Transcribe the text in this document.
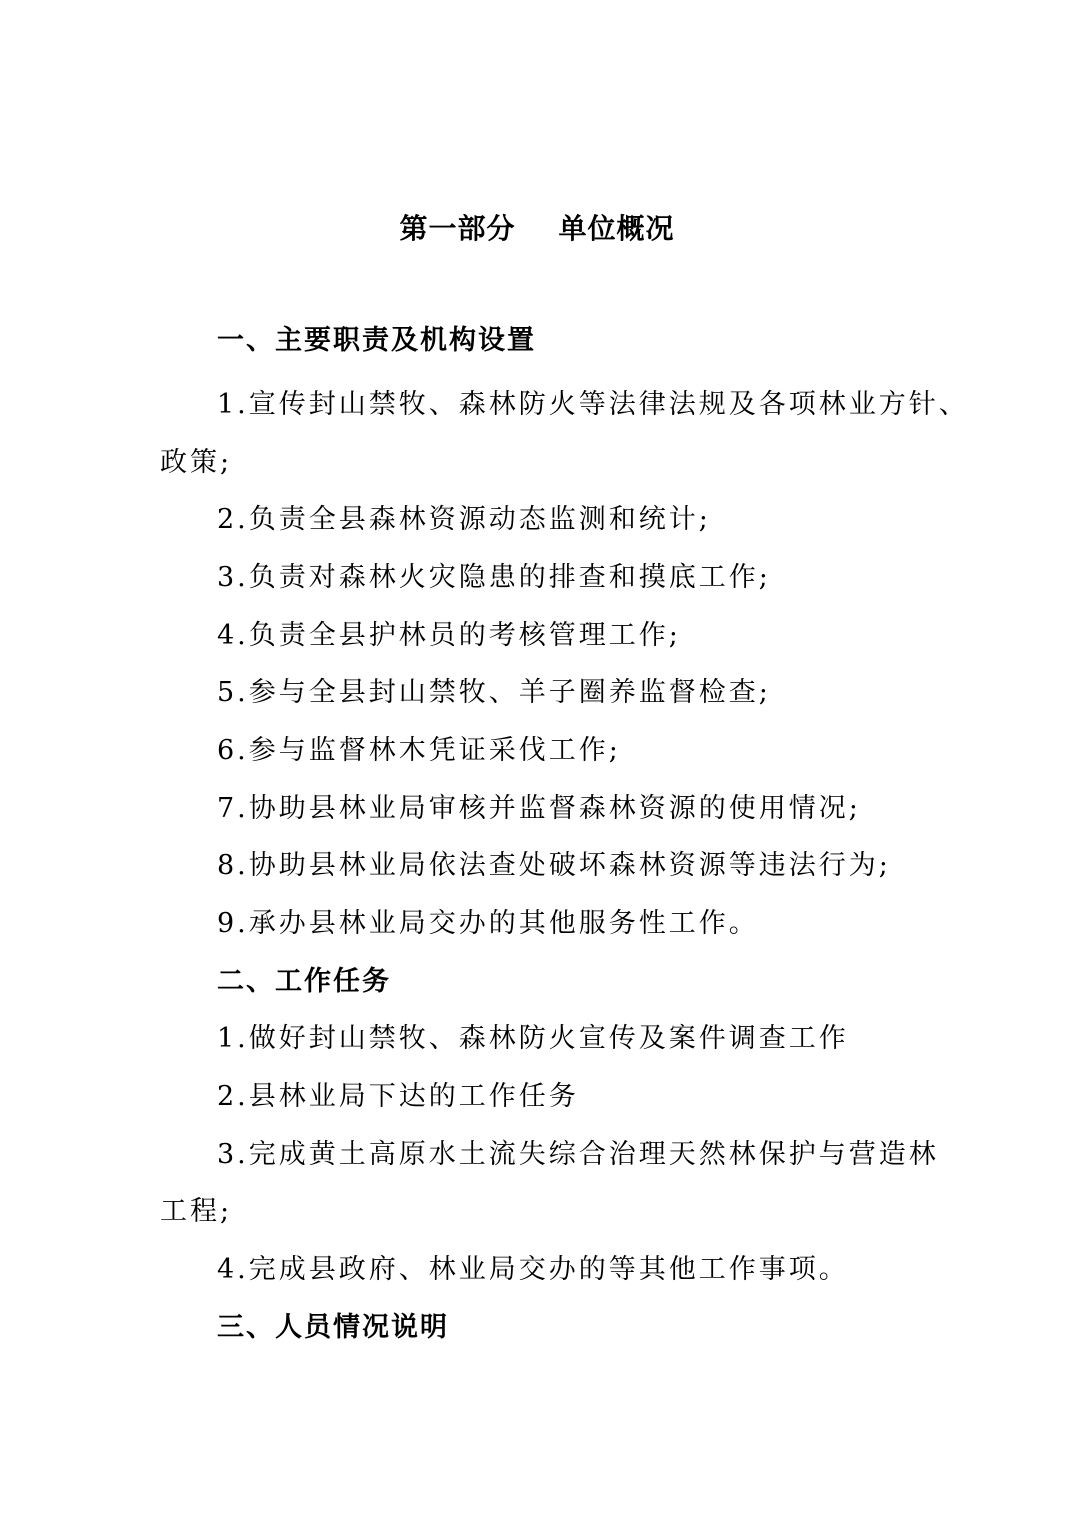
第一部分    单位概况
一、主要职责及机构设置
1.宣传封山禁牧、森林防火等法律法规及各项林业方针、
政策;
2.负责全县森林资源动态监测和统计;
3.负责对森林火灾隐患的排查和摸底工作;
4.负责全县护林员的考核管理工作;
5.参与全县封山禁牧、羊子圈养监督检查;
6.参与监督林木凭证采伐工作;
7.协助县林业局审核并监督森林资源的使用情况;
8.协助县林业局依法查处破坏森林资源等违法行为;
9.承办县林业局交办的其他服务性工作。
二、工作任务
1.做好封山禁牧、森林防火宣传及案件调查工作
2.县林业局下达的工作任务
3.完成黄土高原水土流失综合治理天然林保护与营造林
工程;
4.完成县政府、林业局交办的等其他工作事项。
三、人员情况说明
